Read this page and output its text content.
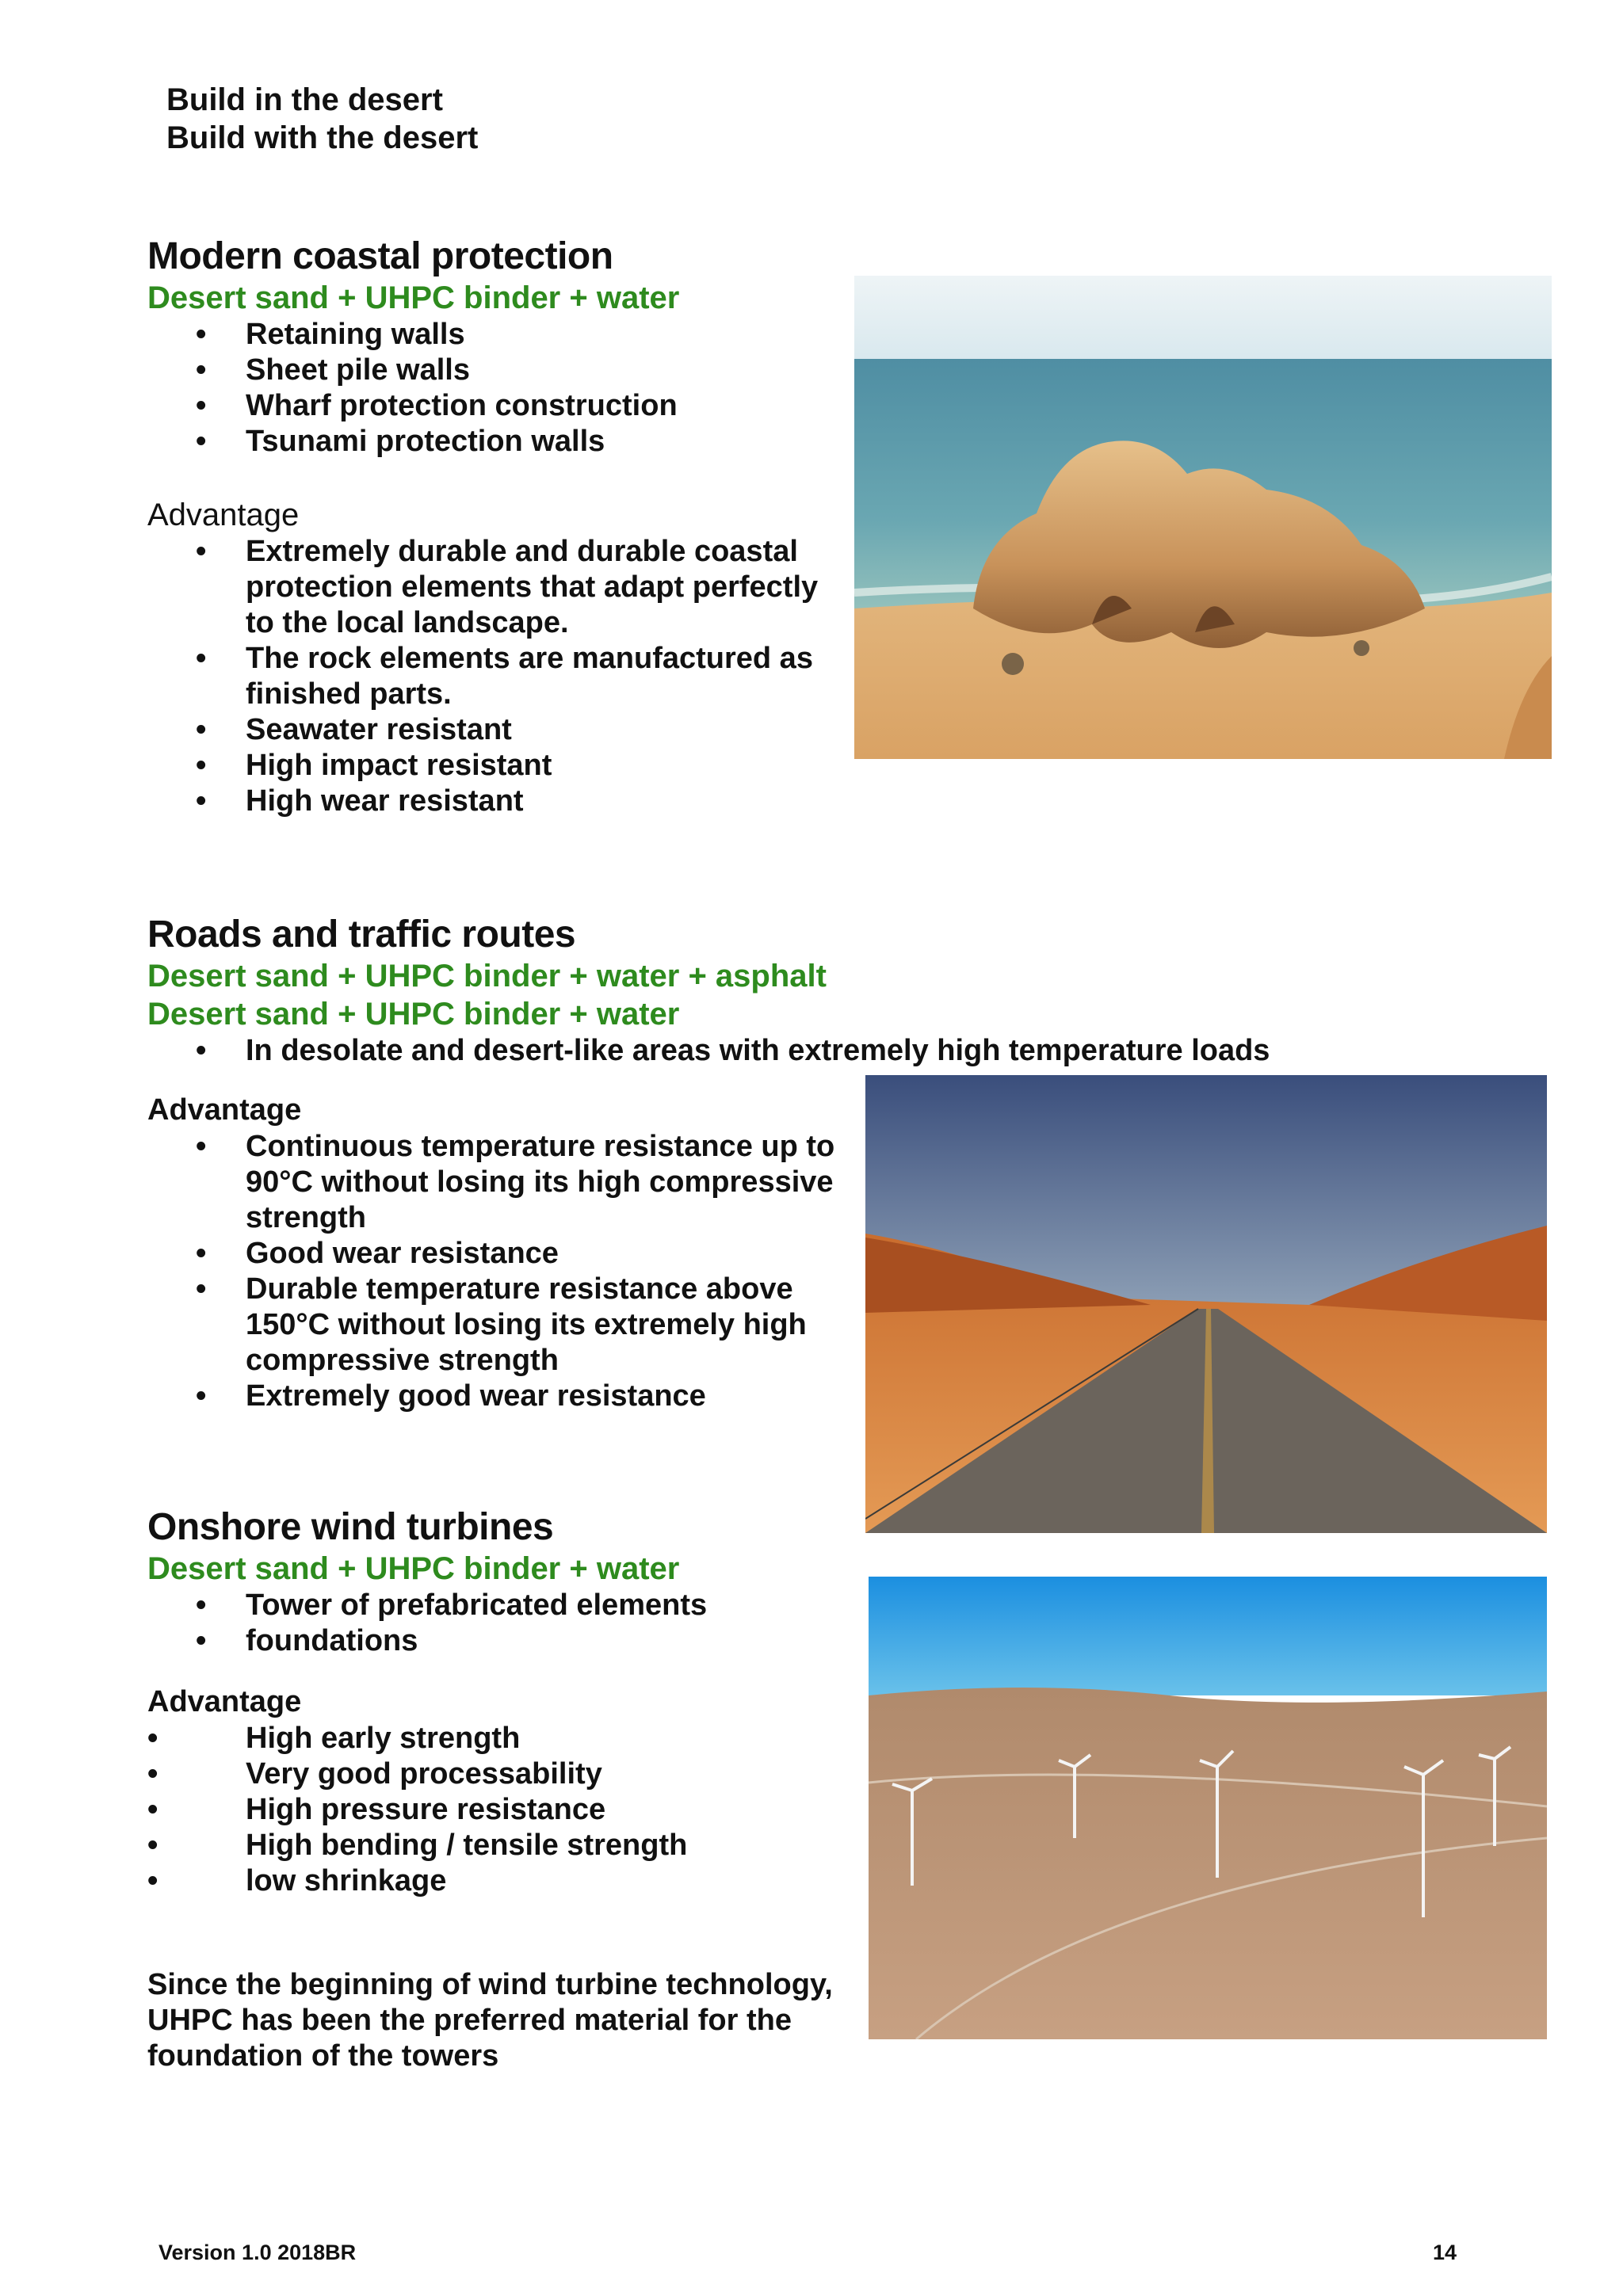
Build in the desert
Build with the desert
Modern coastal protection
Desert sand + UHPC binder + water
• Retaining walls
• Sheet pile walls
• Wharf protection construction
• Tsunami protection walls
Advantage
• Extremely durable and durable coastal protection elements that adapt perfectly to the local landscape.
• The rock elements are manufactured as finished parts.
• Seawater resistant
• High impact resistant
• High wear resistant
Roads and traffic routes
Desert sand + UHPC binder + water + asphalt
Desert sand + UHPC binder + water
• In desolate and desert-like areas with extremely high temperature loads
Advantage
• Continuous temperature resistance up to 90°C without losing its high compressive strength
• Good wear resistance
• Durable temperature resistance above 150°C without losing its extremely high compressive strength
• Extremely good wear resistance
Onshore wind turbines
Desert sand + UHPC binder + water
• Tower of prefabricated elements
• foundations
Advantage
• High early strength
• Very good processability
• High pressure resistance
• High bending / tensile strength
• low shrinkage
Since the beginning of wind turbine technology, UHPC has been the preferred material for the foundation of the towers
Version 1.0 2018BR	14
